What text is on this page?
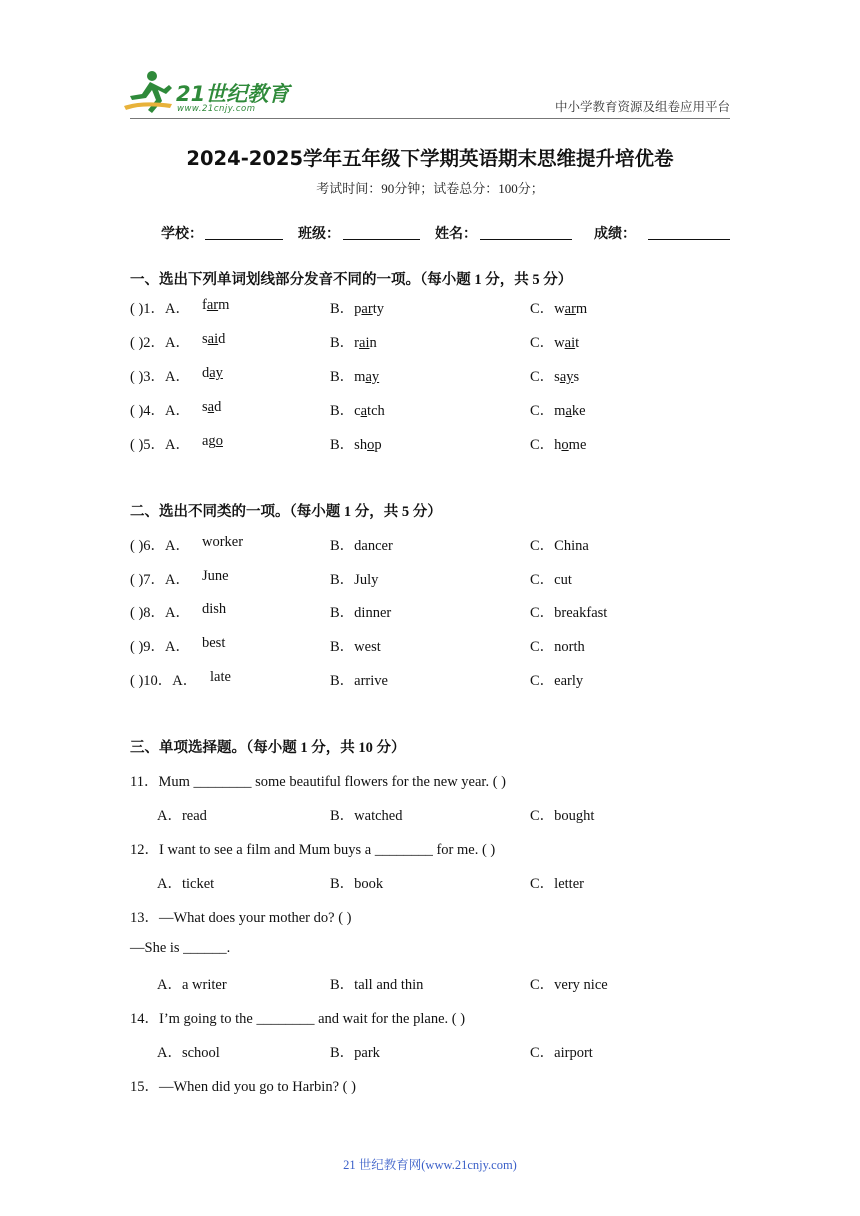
21世纪教育
www.21cnjy.com	中小学教育资源及组卷应用平台
2024-2025学年五年级下学期英语期末思维提升培优卷
考试时间：90分钟；试卷总分：100分；
学校：	班级：	姓名：	成绩：
一、选出下列单词划线部分发音不同的一项。（每小题 1 分，共 5 分）
( )1．A． farm	B．party	C．warm
( )2．A． said	B．rain	C．wait
( )3．A． day	B．may	C．says
( )4．A． sad	B．catch	C．make
( )5．A． ago	B．shop	C．home
二、选出不同类的一项。（每小题 1 分，共 5 分）
( )6．A． worker	B．dancer	C．China
( )7．A． June	B．July	C．cut
( )8．A． dish	B．dinner	C．breakfast
( )9．A． best	B．west	C．north
( )10．A． late	B．arrive	C．early
三、单项选择题。（每小题 1 分，共 10 分）
11．Mum ________ some beautiful flowers for the new year. ( )
A．read	B．watched	C．bought
12．I want to see a film and Mum buys a ________ for me. ( )
A．ticket	B．book	C．letter
13．—What does your mother do? ( )
—She is ______.
A．a writer	B．tall and thin	C．very nice
14．I’m going to the ________ and wait for the plane. ( )
A．school	B．park	C．airport
15．—When did you go to Harbin? ( )
21 世纪教育网(www.21cnjy.com)
